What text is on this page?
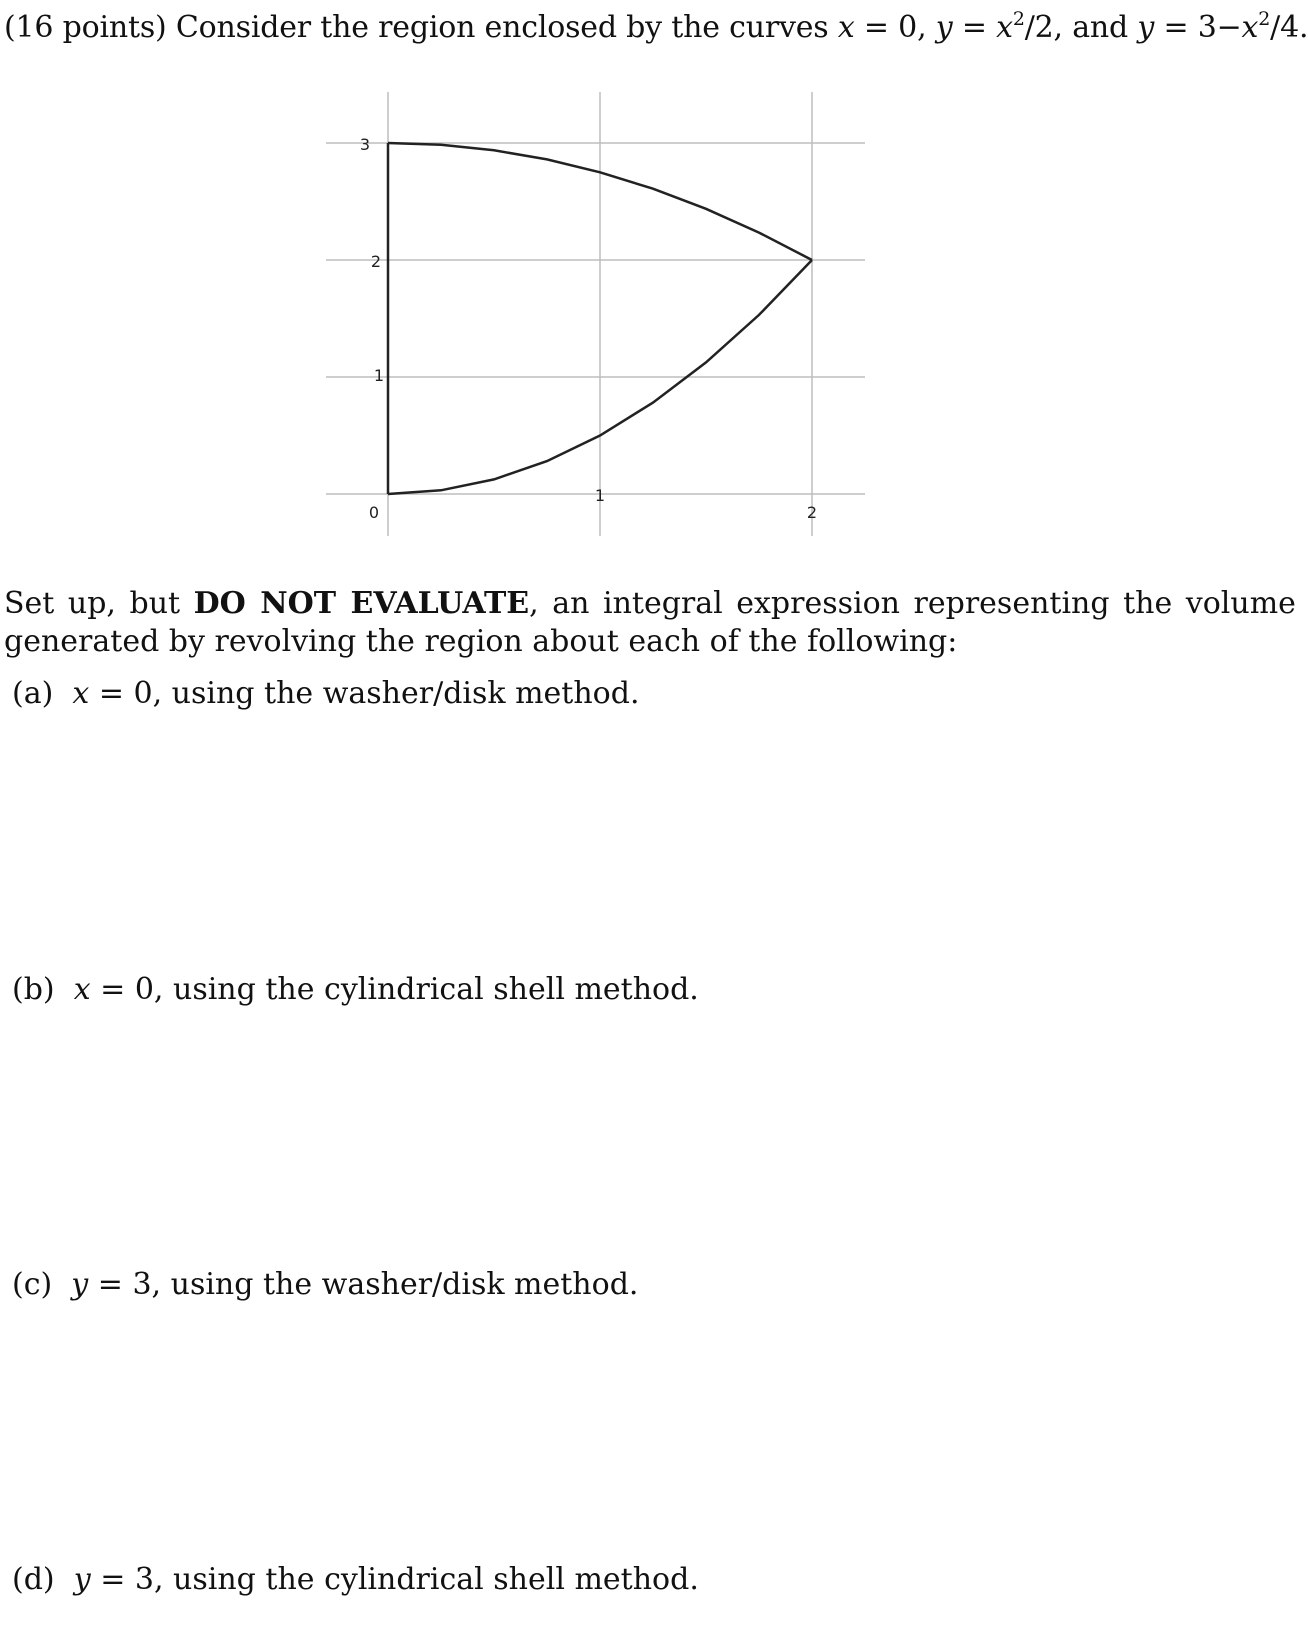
(16 points) Consider the region enclosed by the curves x = 0, $y = x^2/2$, and $y = 3-x^2/4$.
3
2
1
0
1
2
Set up, but DO NOT EVALUATE, an integral expression representing the volume
generated by revolving the region about each of the following:
(a) x = 0, using the washer/disk method.
(b) x = 0, using the cylindrical shell method.
(c) y = 3, using the washer/disk method.
(d) y = 3, using the cylindrical shell method.
